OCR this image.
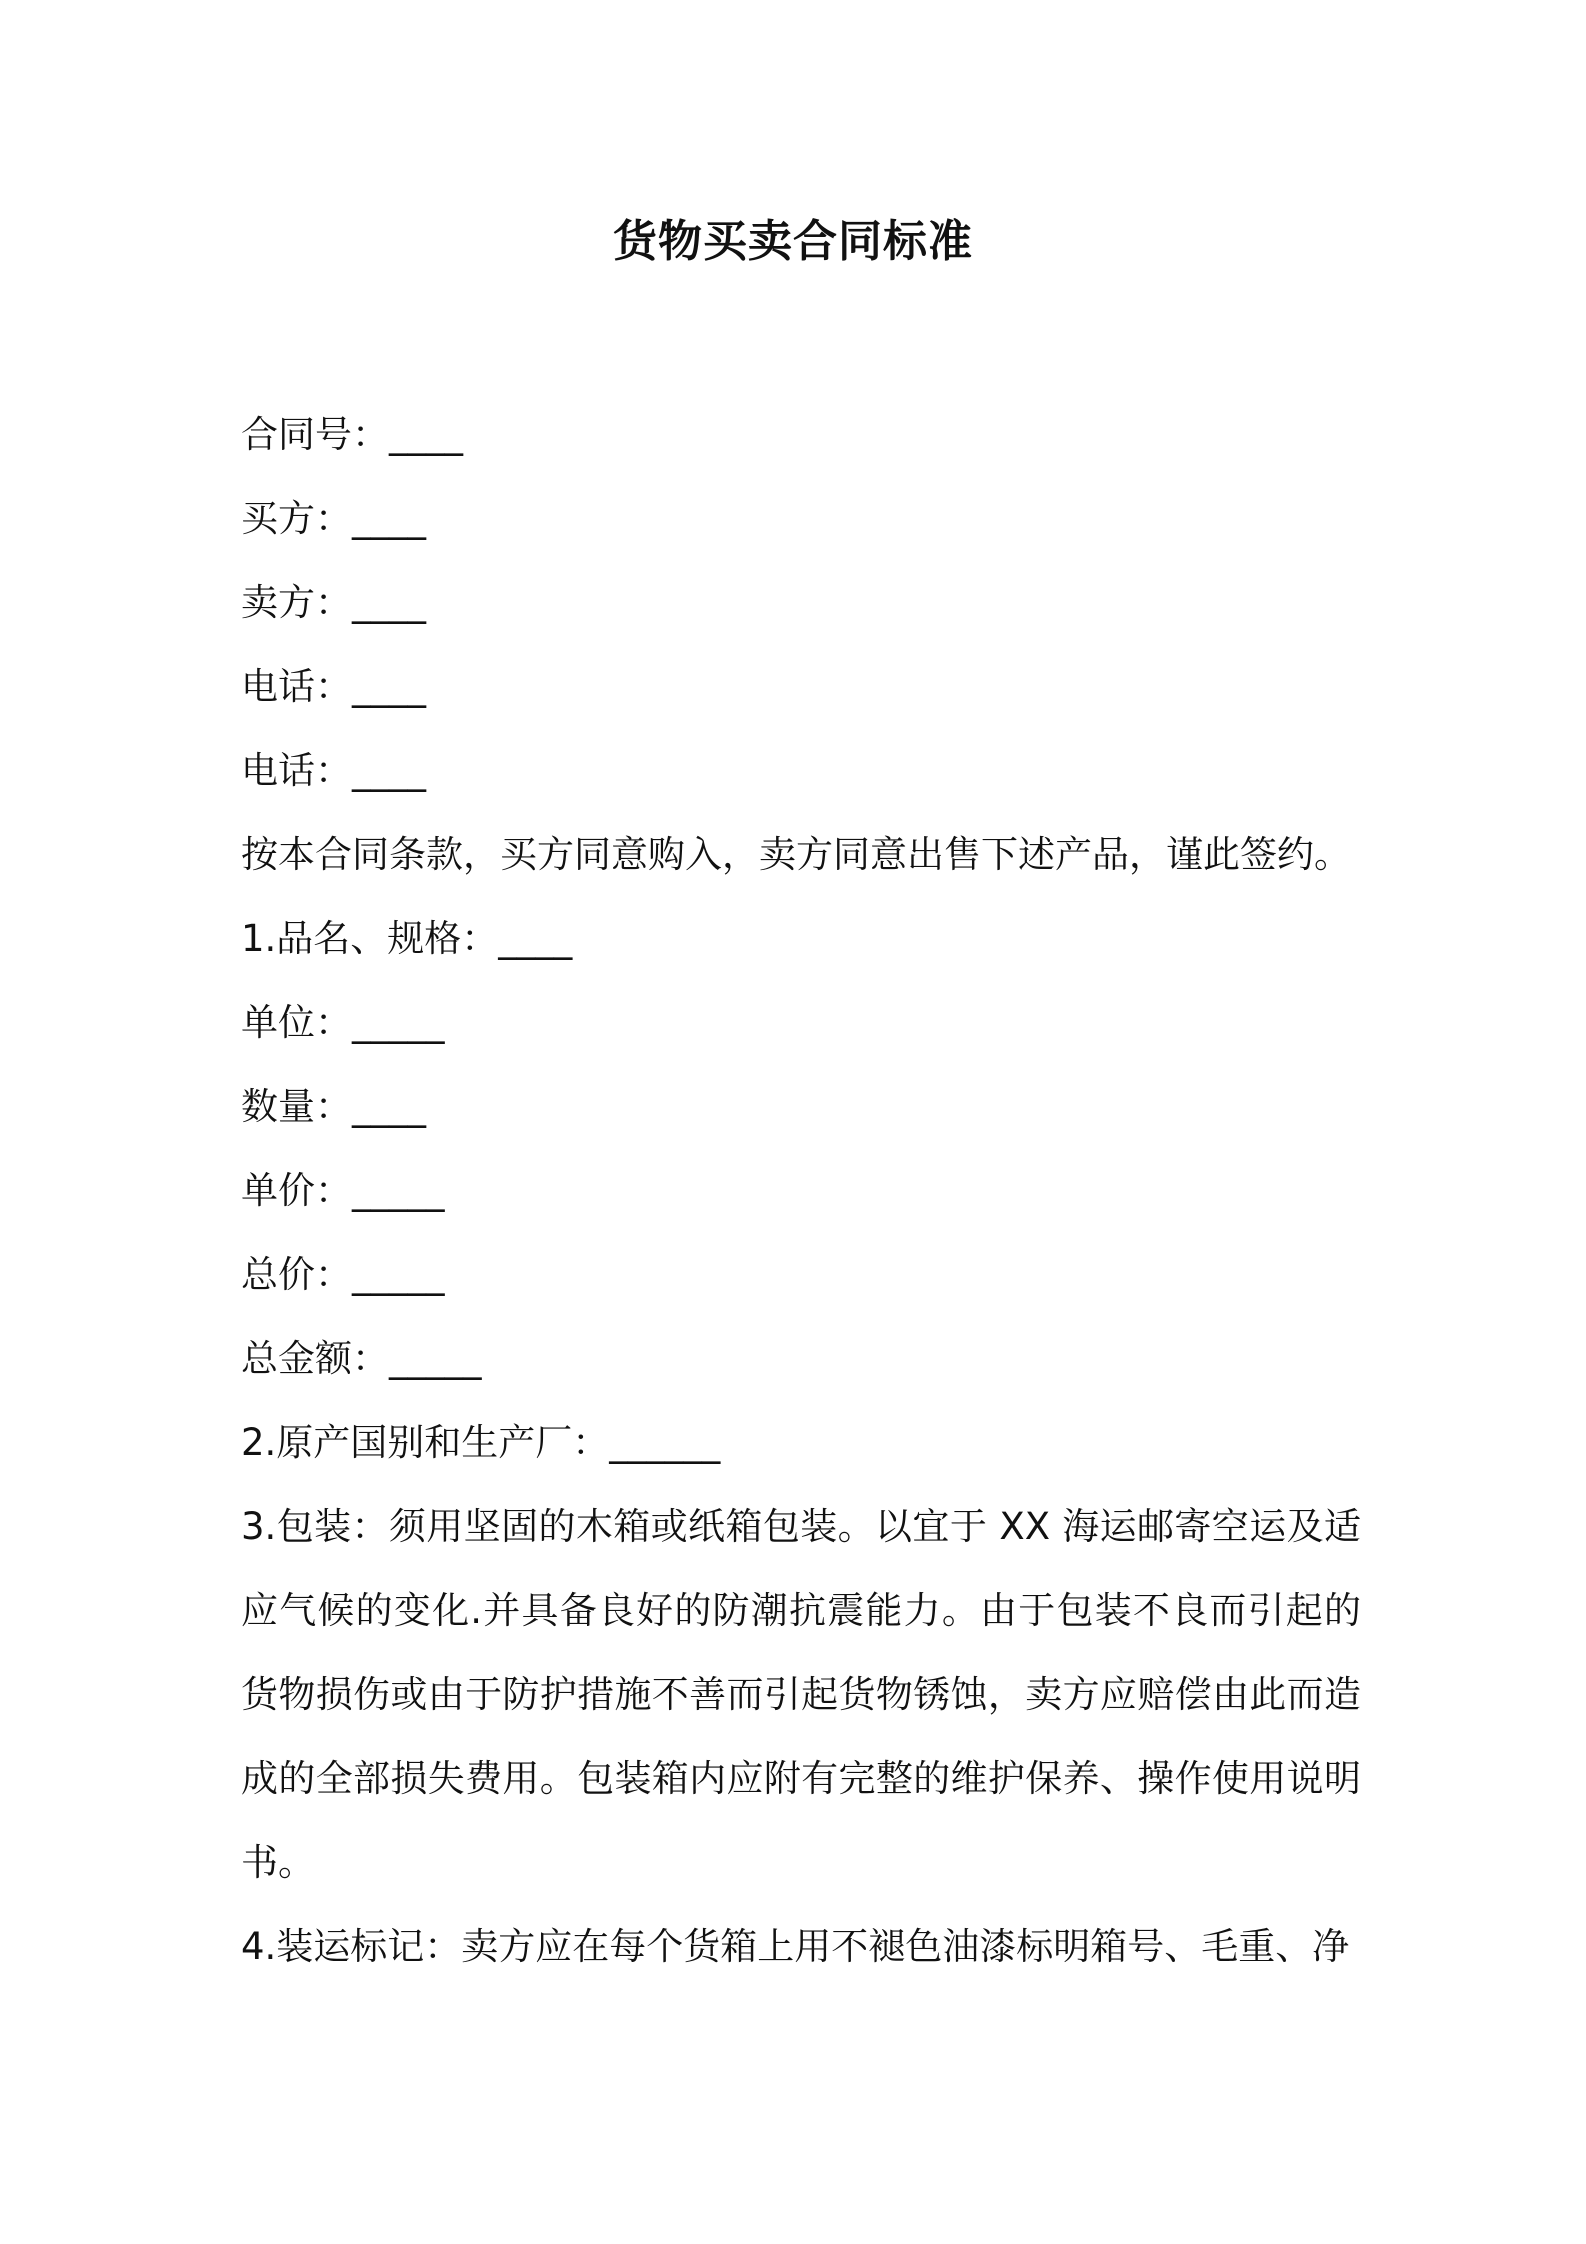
货物买卖合同标准
合同号：____
买方：____
卖方：____
电话：____
电话：____
按本合同条款，买方同意购入，卖方同意出售下述产品，谨此签约。
1.品名、规格：____
单位：_____
数量：____
单价：_____
总价：_____
总金额：_____
2.原产国别和生产厂：______
3.包装：须用坚固的木箱或纸箱包装。以宜于 XX 海运邮寄空运及适应气候的变化.并具备良好的防潮抗震能力。由于包装不良而引起的货物损伤或由于防护措施不善而引起货物锈蚀，卖方应赔偿由此而造成的全部损失费用。包装箱内应附有完整的维护保养、操作使用说明书。
4.装运标记：卖方应在每个货箱上用不褪色油漆标明箱号、毛重、净
